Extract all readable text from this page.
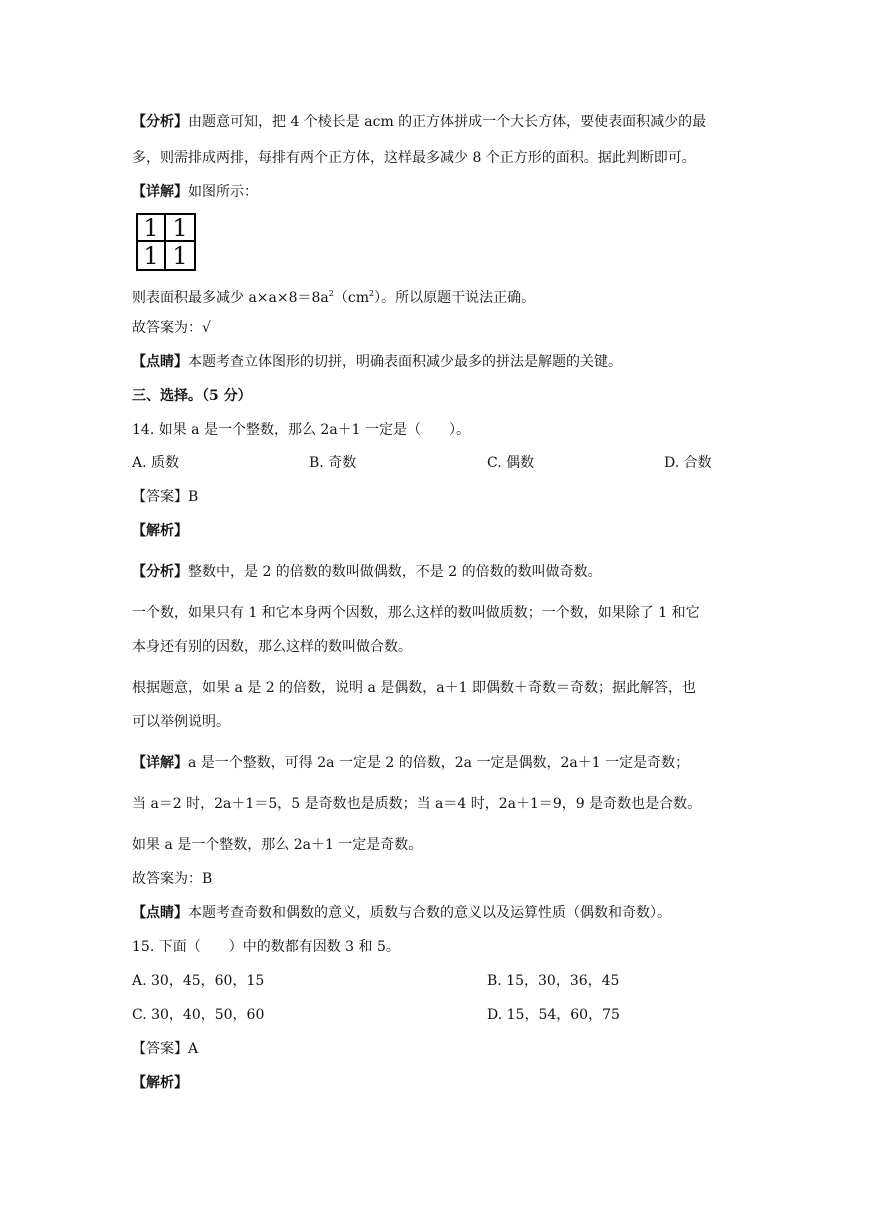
【分析】由题意可知，把 4 个棱长是 acm 的正方体拼成一个大长方体，要使表面积减少的最
多，则需排成两排，每排有两个正方体，这样最多减少 8 个正方形的面积。据此判断即可。
【详解】如图所示：
1 1
1 1
则表面积最多减少 $a\times a\times 8=8a^2(cm^2)$。所以原题干说法正确。
故答案为：√
【点睛】本题考查立体图形的切拼，明确表面积减少最多的拼法是解题的关键。
三、选择。（5 分）
14. 如果 a 是一个整数，那么 2a＋1 一定是（　　）。
A. 质数	B. 奇数	C. 偶数	D. 合数
【答案】B
【解析】
【分析】整数中，是 2 的倍数的数叫做偶数，不是 2 的倍数的数叫做奇数。
一个数，如果只有 1 和它本身两个因数，那么这样的数叫做质数；一个数，如果除了 1 和它
本身还有别的因数，那么这样的数叫做合数。
根据题意，如果 a 是 2 的倍数，说明 a 是偶数，a＋1 即偶数＋奇数＝奇数；据此解答，也
可以举例说明。
【详解】a 是一个整数，可得 2a 一定是 2 的倍数，2a 一定是偶数，2a＋1 一定是奇数；
当 a＝2 时，2a＋1＝5，5 是奇数也是质数；当 a＝4 时，2a＋1＝9，9 是奇数也是合数。
如果 a 是一个整数，那么 2a＋1 一定是奇数。
故答案为：B
【点睛】本题考查奇数和偶数的意义，质数与合数的意义以及运算性质（偶数和奇数）。
15. 下面（　　）中的数都有因数 3 和 5。
A. 30，45，60，15	B. 15，30，36，45
C. 30，40，50，60	D. 15，54，60，75
【答案】A
【解析】
